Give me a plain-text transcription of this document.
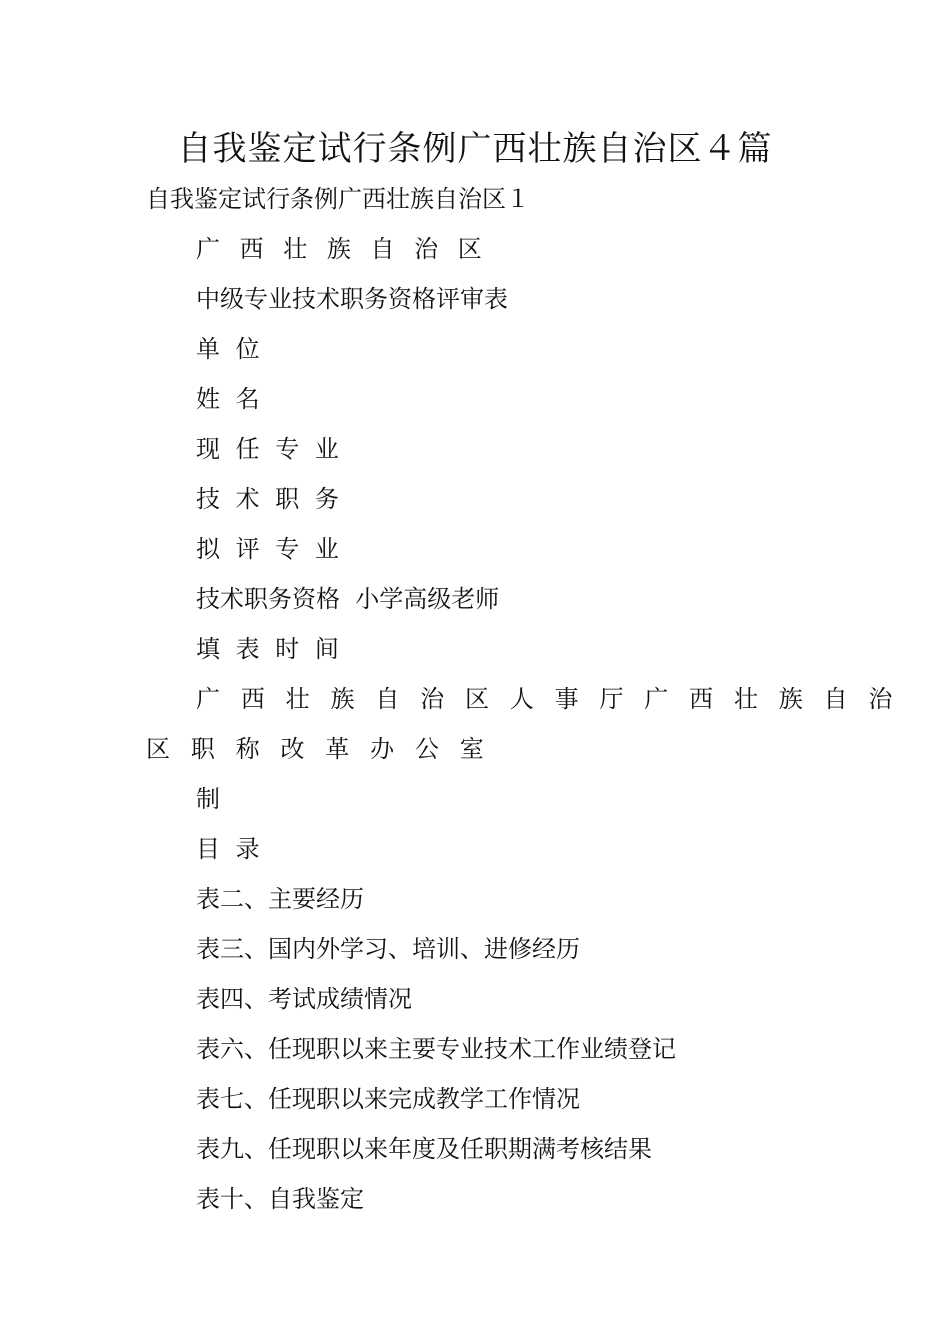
自我鉴定试行条例广西壮族自治区４篇

自我鉴定试行条例广西壮族自治区１

广 西 壮 族 自 治 区

中级专业技术职务资格评审表

单 位

姓 名

现 任 专 业

技 术 职 务

拟 评 专 业

技术职务资格  小学高级老师

填 表 时 间

广 西 壮 族 自 治 区 人 事 厅 广 西 壮 族 自 治

区 职 称 改 革 办 公 室

制

目 录

表二、主要经历

表三、国内外学习、培训、进修经历

表四、考试成绩情况

表六、任现职以来主要专业技术工作业绩登记

表七、任现职以来完成教学工作情况

表九、任现职以来年度及任职期满考核结果

表十、自我鉴定
